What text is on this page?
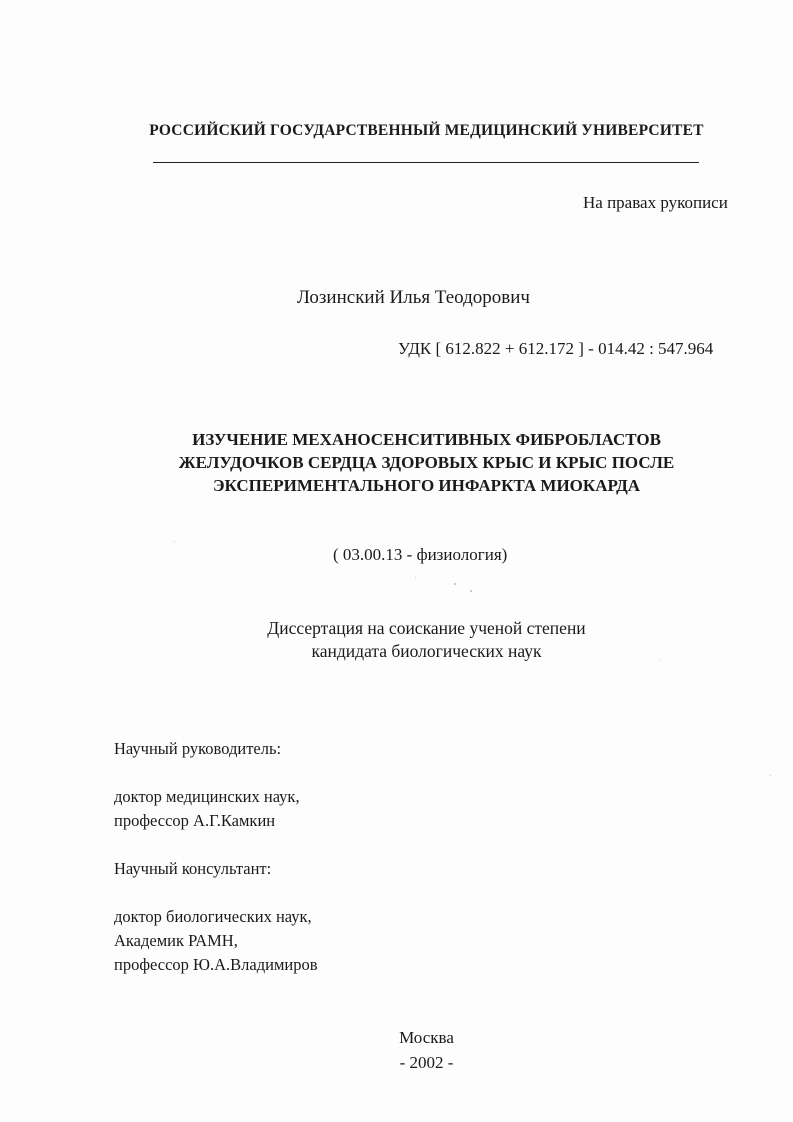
РОССИЙСКИЙ ГОСУДАРСТВЕННЫЙ МЕДИЦИНСКИЙ УНИВЕРСИТЕТ
На правах рукописи
Лозинский Илья Теодорович
УДК [ 612.822 + 612.172 ] - 014.42 : 547.964
ИЗУЧЕНИЕ МЕХАНОСЕНСИТИВНЫХ ФИБРОБЛАСТОВ
ЖЕЛУДОЧКОВ СЕРДЦА ЗДОРОВЫХ КРЫС И КРЫС ПОСЛЕ
ЭКСПЕРИМЕНТАЛЬНОГО ИНФАРКТА МИОКАРДА
( 03.00.13 - физиология)
Диссертация на соискание ученой степени
кандидата биологических наук
Научный руководитель:
доктор медицинских наук,
профессор А.Г.Камкин
Научный консультант:
доктор биологических наук,
Академик РАМН,
профессор Ю.А.Владимиров
Москва
- 2002 -
